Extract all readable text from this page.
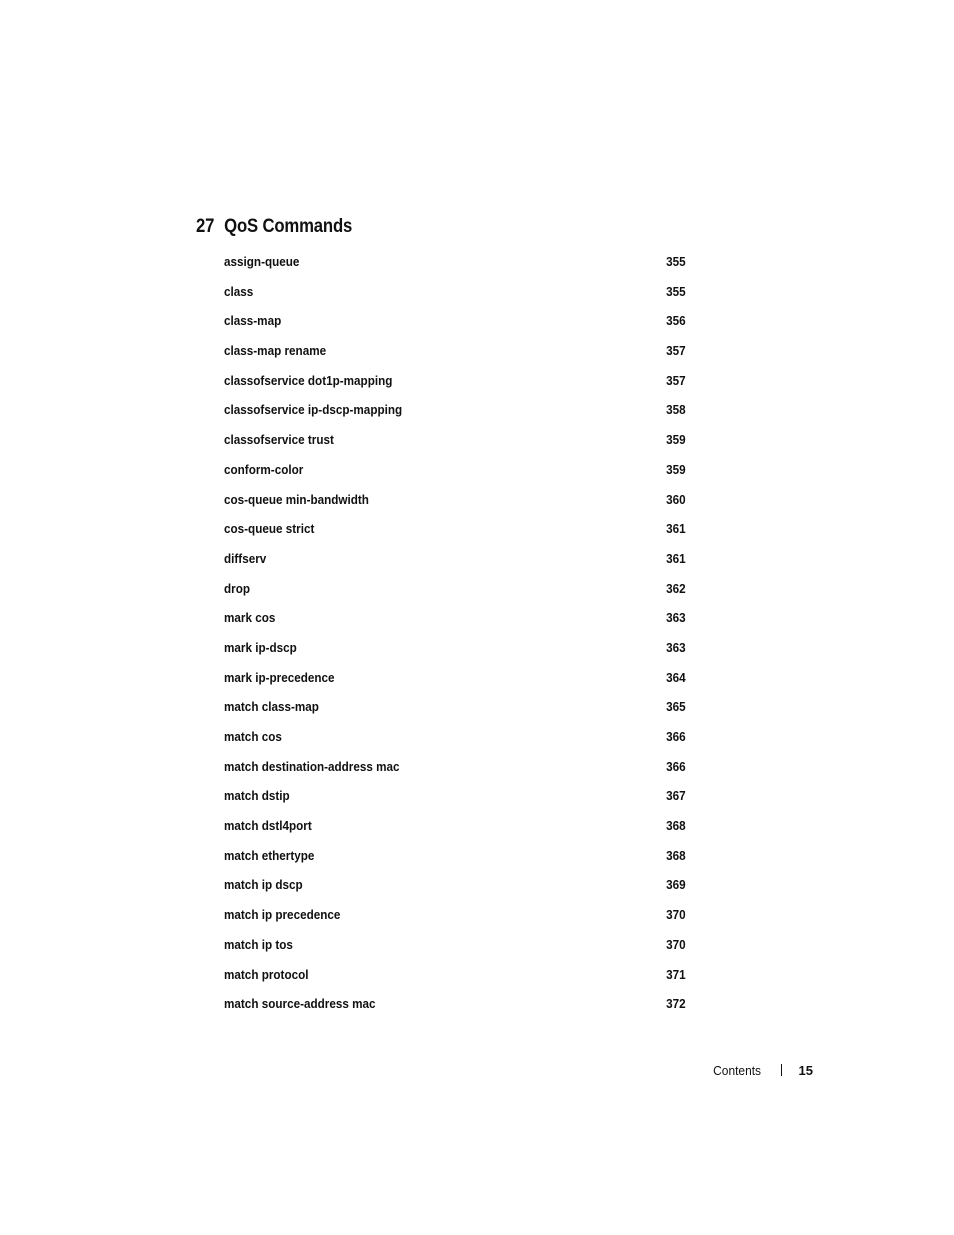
27 QoS Commands
assign-queue	355
class	355
class-map	356
class-map rename	357
classofservice dot1p-mapping	357
classofservice ip-dscp-mapping	358
classofservice trust	359
conform-color	359
cos-queue min-bandwidth	360
cos-queue strict	361
diffserv	361
drop	362
mark cos	363
mark ip-dscp	363
mark ip-precedence	364
match class-map	365
match cos	366
match destination-address mac	366
match dstip	367
match dstl4port	368
match ethertype	368
match ip dscp	369
match ip precedence	370
match ip tos	370
match protocol	371
match source-address mac	372
Contents	15
